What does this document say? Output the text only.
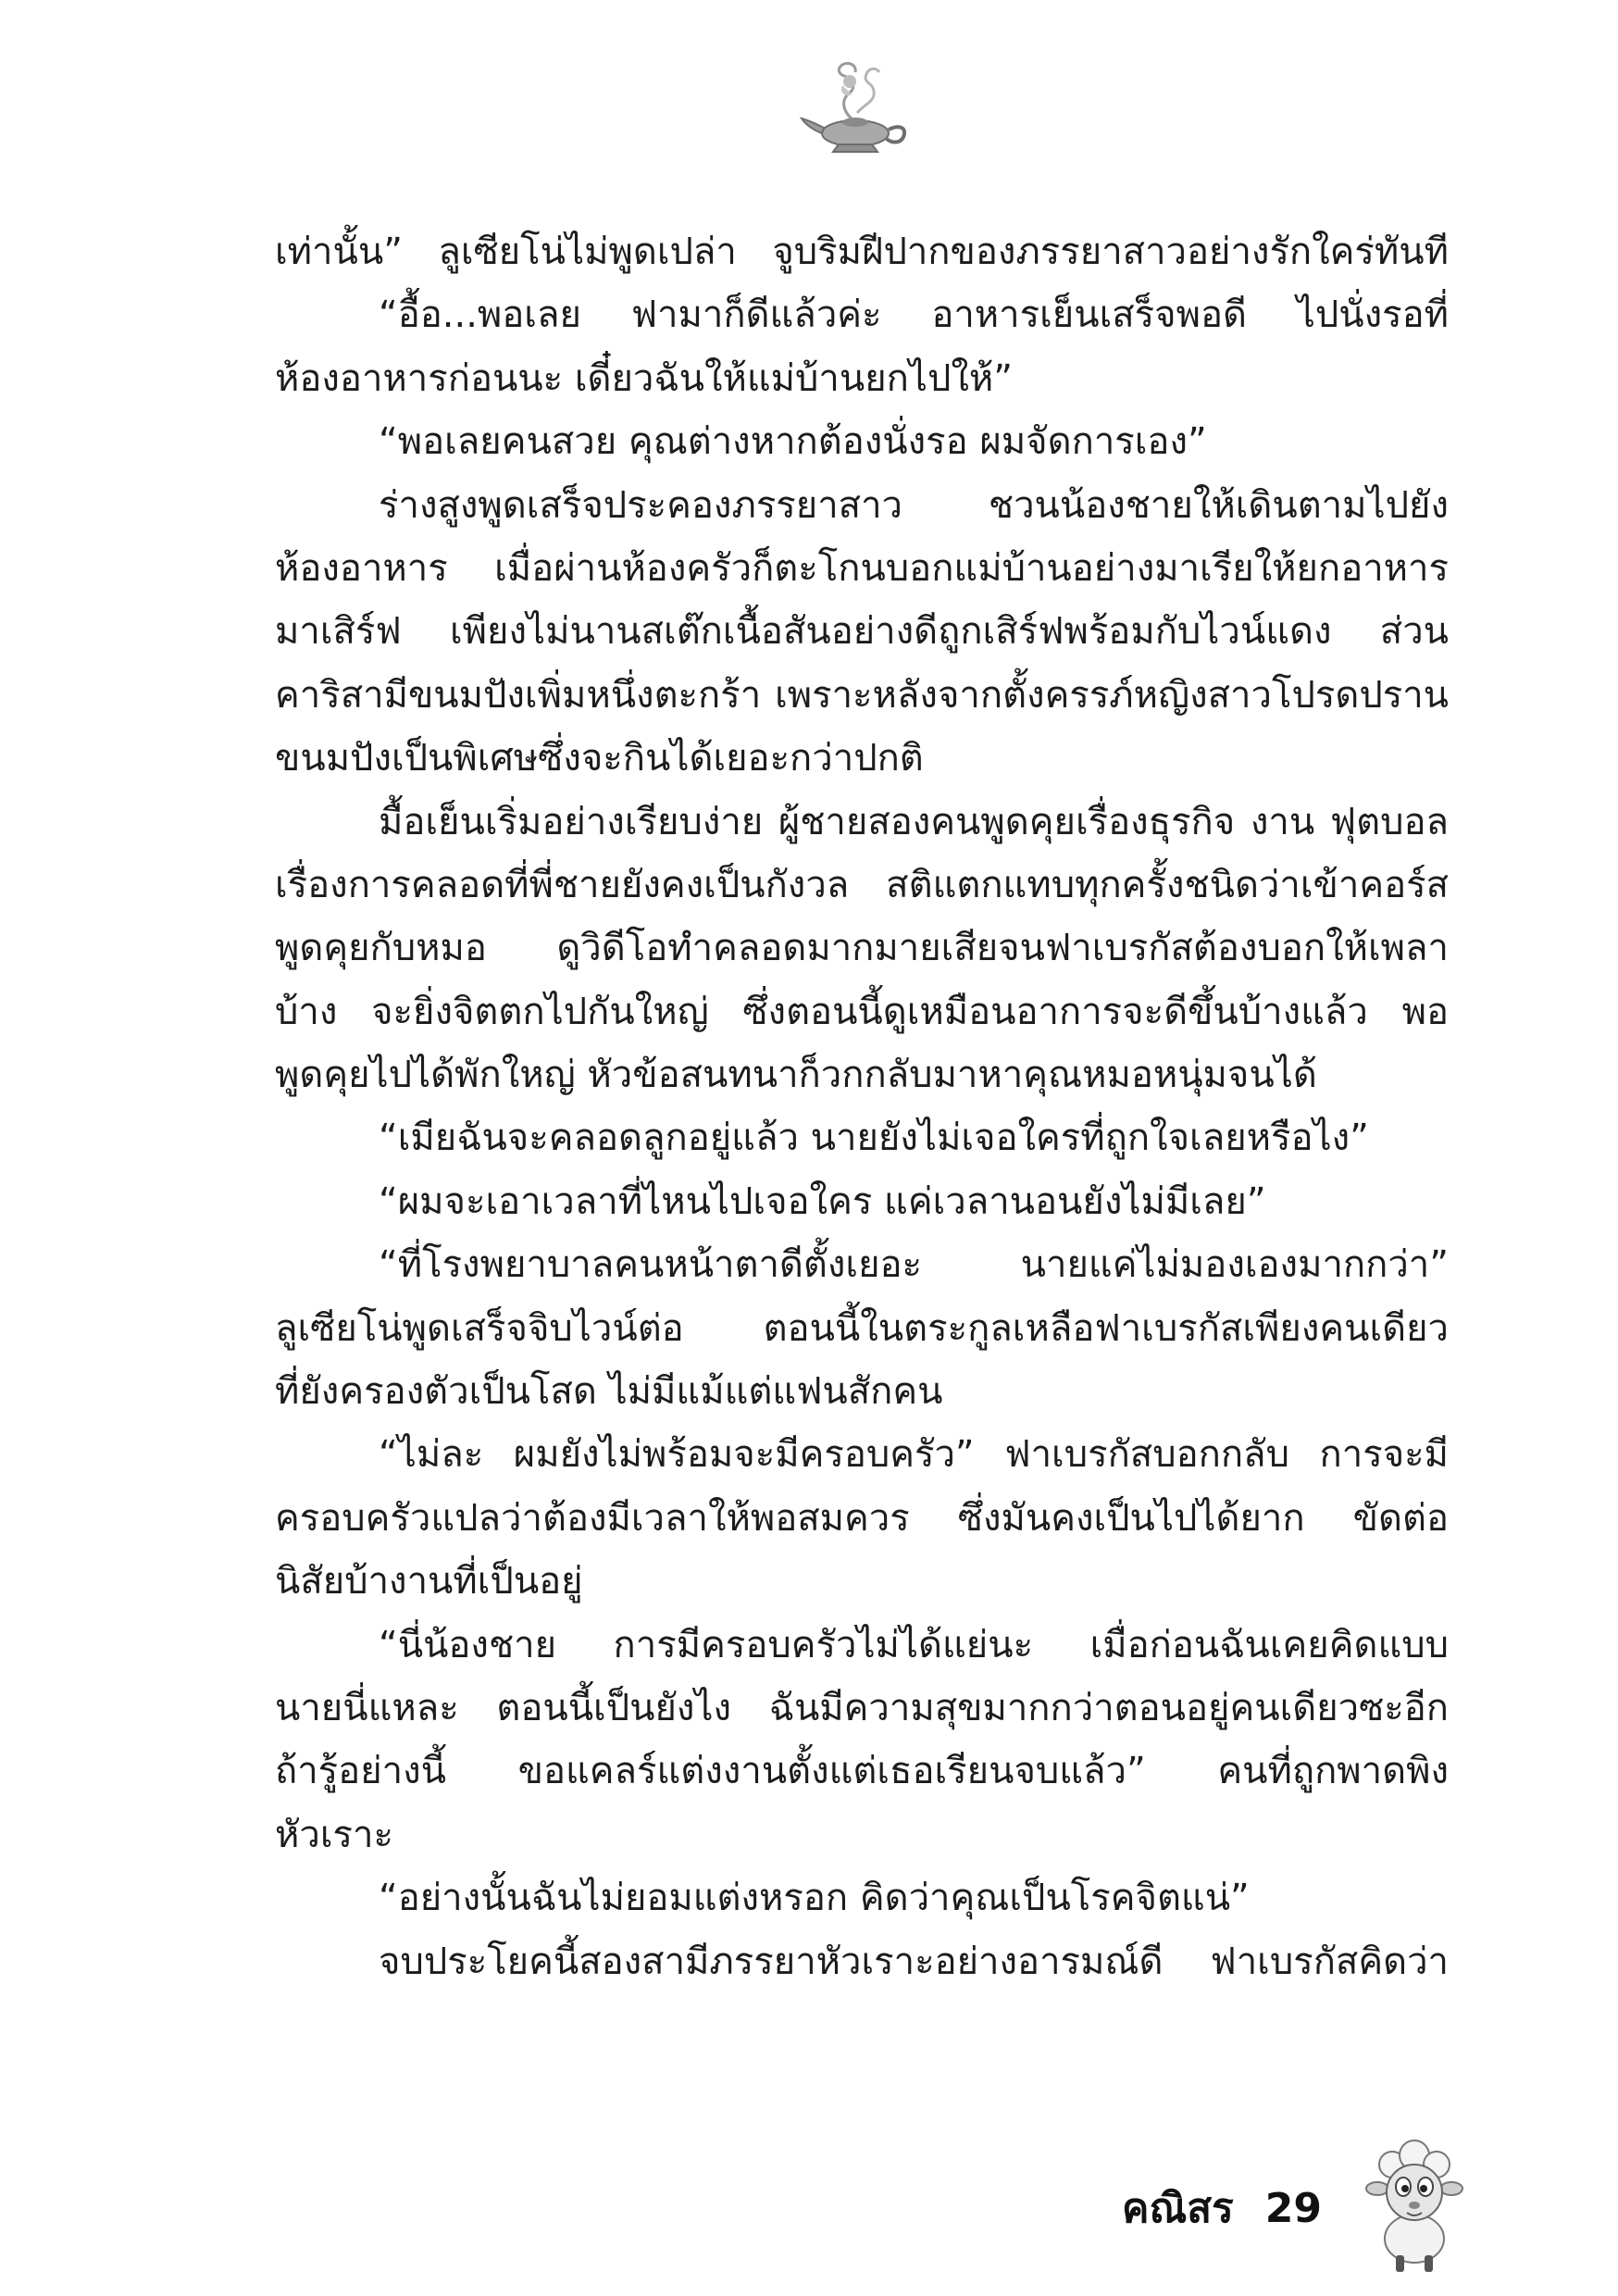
เท่านั้น” ลูเซียโน่ไม่พูดเปล่า จูบริมฝีปากของภรรยาสาวอย่างรักใคร่ทันที
“อื้อ...พอเลย ฟามาก็ดีแล้วค่ะ อาหารเย็นเสร็จพอดี ไปนั่งรอที่
ห้องอาหารก่อนนะ เดี๋ยวฉันให้แม่บ้านยกไปให้”
“พอเลยคนสวย คุณต่างหากต้องนั่งรอ ผมจัดการเอง”
ร่างสูงพูดเสร็จประคองภรรยาสาว ชวนน้องชายให้เดินตามไปยัง
ห้องอาหาร เมื่อผ่านห้องครัวก็ตะโกนบอกแม่บ้านอย่างมาเรียให้ยกอาหาร
มาเสิร์ฟ เพียงไม่นานสเต๊กเนื้อสันอย่างดีถูกเสิร์ฟพร้อมกับไวน์แดง ส่วน
คาริสามีขนมปังเพิ่มหนึ่งตะกร้า เพราะหลังจากตั้งครรภ์หญิงสาวโปรดปราน
ขนมปังเป็นพิเศษซึ่งจะกินได้เยอะกว่าปกติ
มื้อเย็นเริ่มอย่างเรียบง่าย ผู้ชายสองคนพูดคุยเรื่องธุรกิจ งาน ฟุตบอล
เรื่องการคลอดที่พี่ชายยังคงเป็นกังวล สติแตกแทบทุกครั้งชนิดว่าเข้าคอร์ส
พูดคุยกับหมอ ดูวิดีโอทำคลอดมากมายเสียจนฟาเบรกัสต้องบอกให้เพลา
บ้าง จะยิ่งจิตตกไปกันใหญ่ ซึ่งตอนนี้ดูเหมือนอาการจะดีขึ้นบ้างแล้ว พอ
พูดคุยไปได้พักใหญ่ หัวข้อสนทนาก็วกกลับมาหาคุณหมอหนุ่มจนได้
“เมียฉันจะคลอดลูกอยู่แล้ว นายยังไม่เจอใครที่ถูกใจเลยหรือไง”
“ผมจะเอาเวลาที่ไหนไปเจอใคร แค่เวลานอนยังไม่มีเลย”
“ที่โรงพยาบาลคนหน้าตาดีตั้งเยอะ นายแค่ไม่มองเองมากกว่า”
ลูเซียโน่พูดเสร็จจิบไวน์ต่อ ตอนนี้ในตระกูลเหลือฟาเบรกัสเพียงคนเดียว
ที่ยังครองตัวเป็นโสด ไม่มีแม้แต่แฟนสักคน
“ไม่ละ ผมยังไม่พร้อมจะมีครอบครัว” ฟาเบรกัสบอกกลับ การจะมี
ครอบครัวแปลว่าต้องมีเวลาให้พอสมควร ซึ่งมันคงเป็นไปได้ยาก ขัดต่อ
นิสัยบ้างานที่เป็นอยู่
“นี่น้องชาย การมีครอบครัวไม่ได้แย่นะ เมื่อก่อนฉันเคยคิดแบบ
นายนี่แหละ ตอนนี้เป็นยังไง ฉันมีความสุขมากกว่าตอนอยู่คนเดียวซะอีก
ถ้ารู้อย่างนี้ ขอแคลร์แต่งงานตั้งแต่เธอเรียนจบแล้ว” คนที่ถูกพาดพิง
หัวเราะ
“อย่างนั้นฉันไม่ยอมแต่งหรอก คิดว่าคุณเป็นโรคจิตแน่”
จบประโยคนี้สองสามีภรรยาหัวเราะอย่างอารมณ์ดี ฟาเบรกัสคิดว่า
คณิสร 29
